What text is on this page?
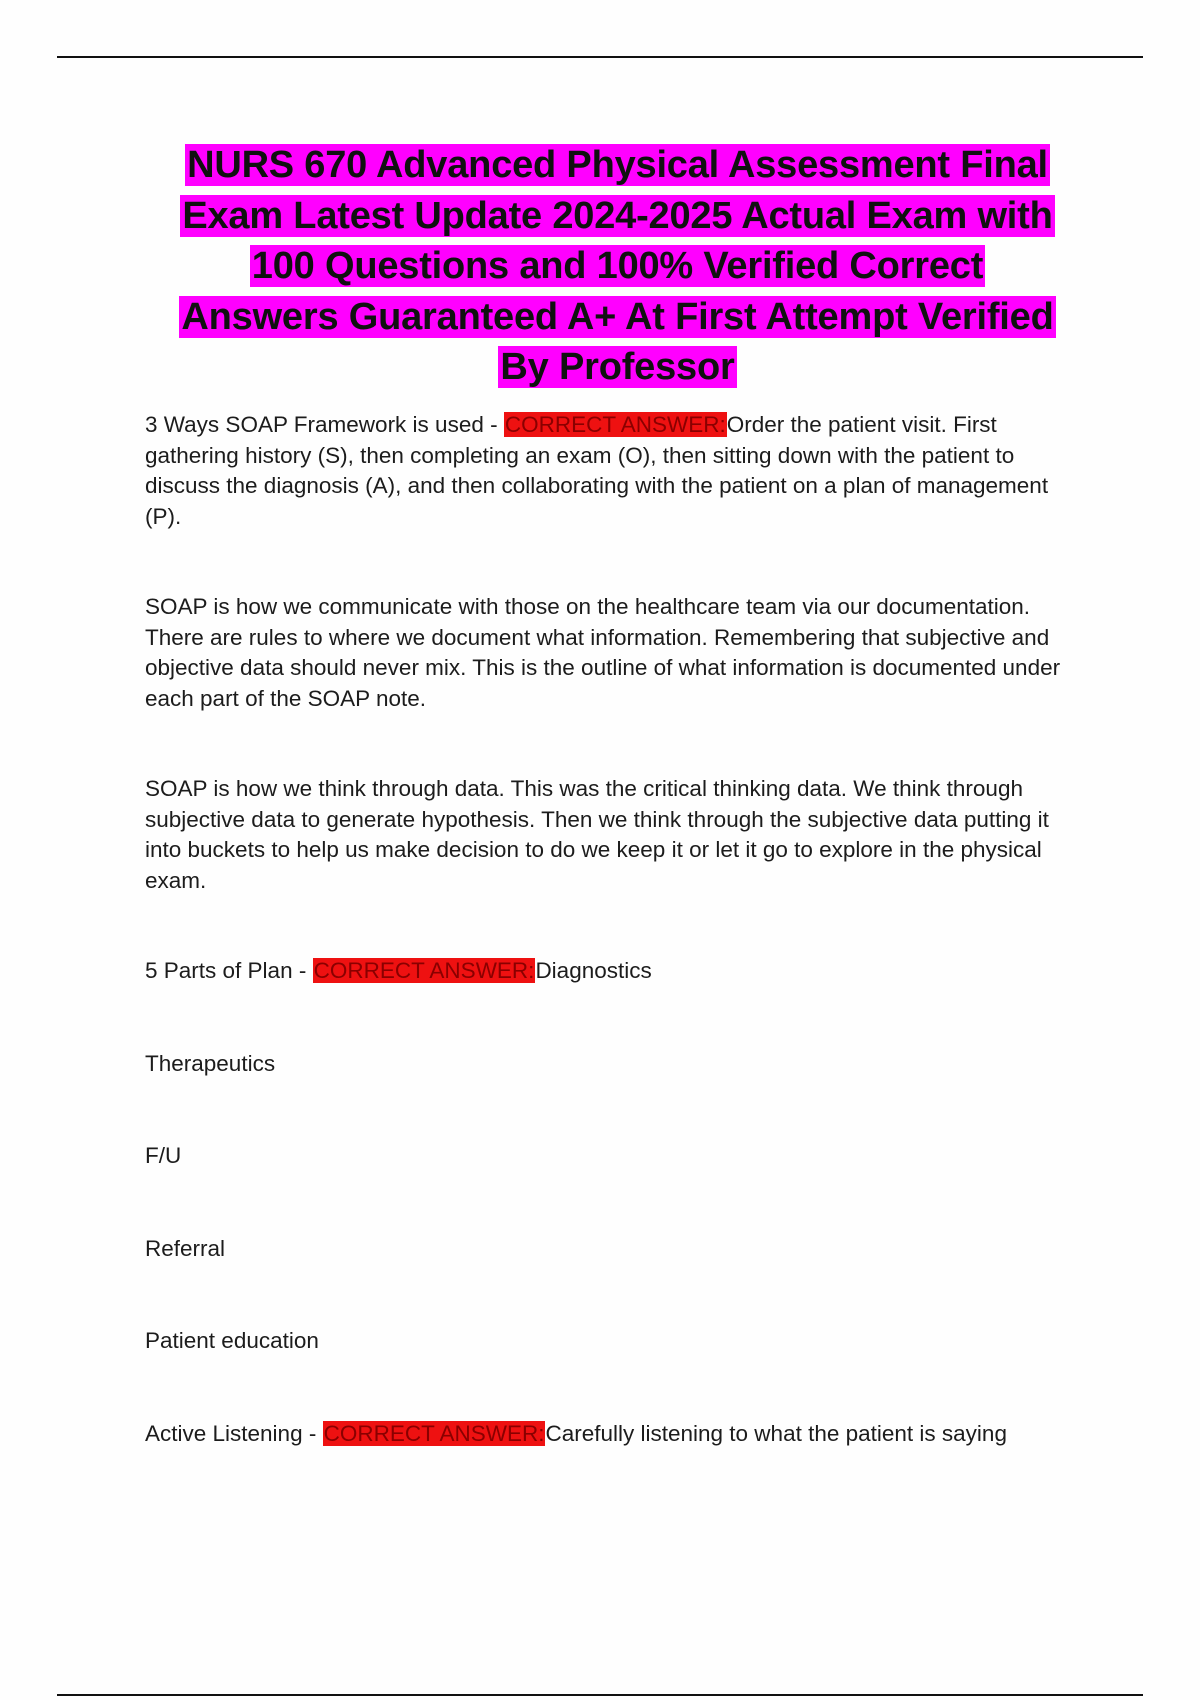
NURS 670 Advanced Physical Assessment Final
Exam Latest Update 2024-2025 Actual Exam with
100 Questions and 100% Verified Correct
Answers Guaranteed A+ At First Attempt Verified
By Professor

3 Ways SOAP Framework is used - CORRECT ANSWER:Order the patient visit. First gathering history (S), then completing an exam (O), then sitting down with the patient to discuss the diagnosis (A), and then collaborating with the patient on a plan of management (P).

SOAP is how we communicate with those on the healthcare team via our documentation. There are rules to where we document what information. Remembering that subjective and objective data should never mix. This is the outline of what information is documented under each part of the SOAP note.

SOAP is how we think through data. This was the critical thinking data. We think through subjective data to generate hypothesis. Then we think through the subjective data putting it into buckets to help us make decision to do we keep it or let it go to explore in the physical exam.

5 Parts of Plan - CORRECT ANSWER:Diagnostics

Therapeutics

F/U

Referral

Patient education

Active Listening - CORRECT ANSWER:Carefully listening to what the patient is saying
